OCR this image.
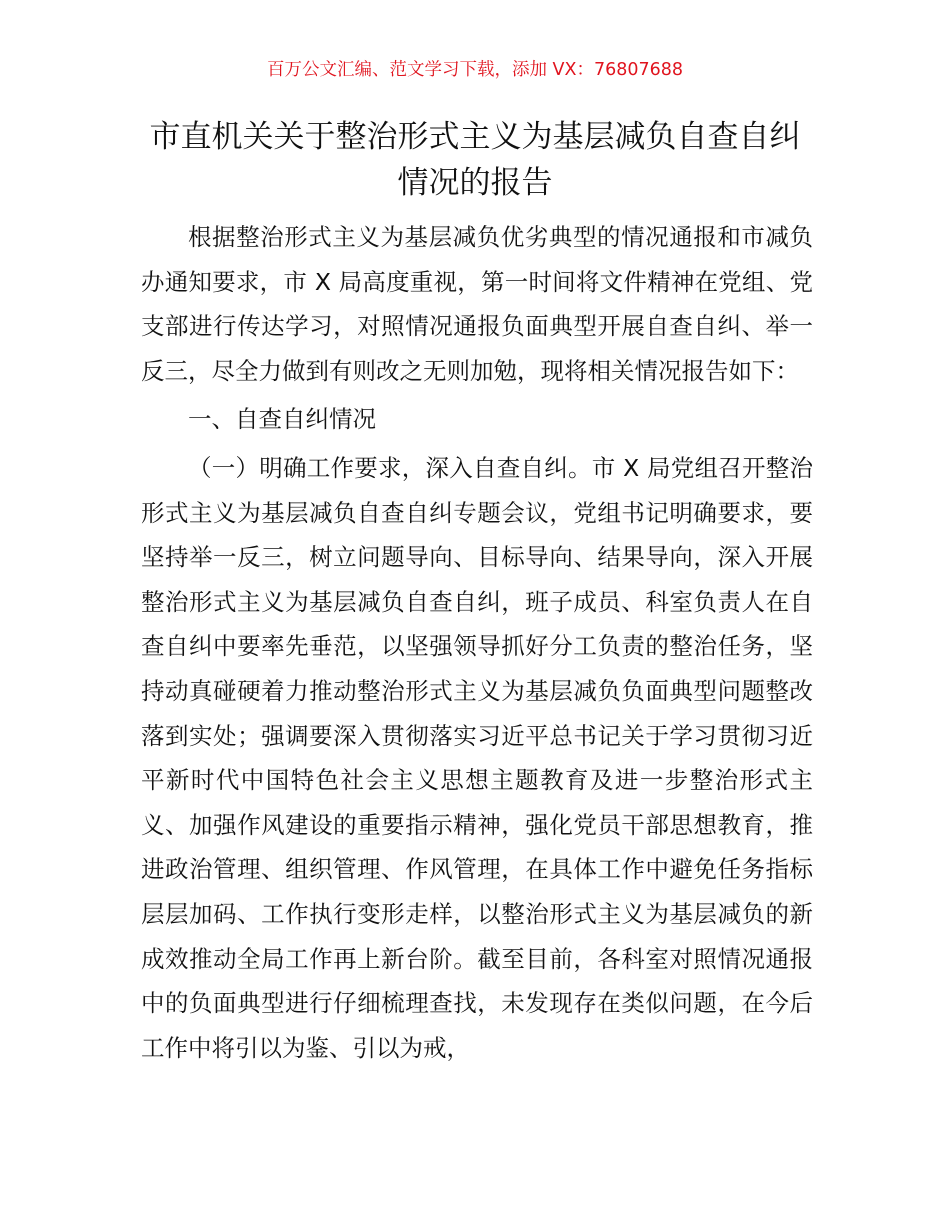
百万公文汇编、范文学习下载，添加 VX：76807688
市直机关关于整治形式主义为基层减负自查自纠情况的报告

根据整治形式主义为基层减负优劣典型的情况通报和市减负办通知要求，市 X 局高度重视，第一时间将文件精神在党组、党支部进行传达学习，对照情况通报负面典型开展自查自纠、举一反三，尽全力做到有则改之无则加勉，现将相关情况报告如下：

一、自查自纠情况

（一）明确工作要求，深入自查自纠。市 X 局党组召开整治形式主义为基层减负自查自纠专题会议，党组书记明确要求，要坚持举一反三，树立问题导向、目标导向、结果导向，深入开展整治形式主义为基层减负自查自纠，班子成员、科室负责人在自查自纠中要率先垂范，以坚强领导抓好分工负责的整治任务，坚持动真碰硬着力推动整治形式主义为基层减负负面典型问题整改落到实处；强调要深入贯彻落实习近平总书记关于学习贯彻习近平新时代中国特色社会主义思想主题教育及进一步整治形式主义、加强作风建设的重要指示精神，强化党员干部思想教育，推进政治管理、组织管理、作风管理，在具体工作中避免任务指标层层加码、工作执行变形走样，以整治形式主义为基层减负的新成效推动全局工作再上新台阶。截至目前，各科室对照情况通报中的负面典型进行仔细梳理查找，未发现存在类似问题，在今后工作中将引以为鉴、引以为戒，
